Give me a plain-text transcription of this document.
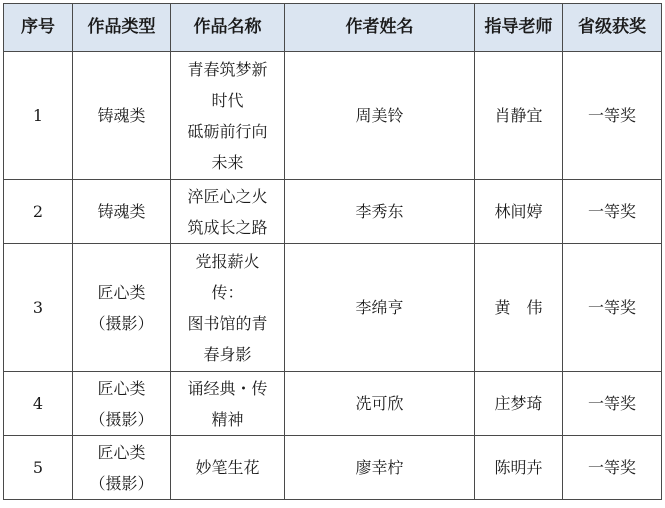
序号	作品类型	作品名称	作者姓名	指导老师	省级获奖
1	铸魂类	青春筑梦新
时代
砥砺前行向
未来	周美铃	肖静宜	一等奖
2	铸魂类	淬匠心之火
筑成长之路	李秀东	林间婷	一等奖
3	匠心类
（摄影）	党报薪火
传：
图书馆的青
春身影	李绵亨	黄　伟	一等奖
4	匠心类
（摄影）	诵经典・传
精神	冼可欣	庄梦琦	一等奖
5	匠心类
（摄影）	妙笔生花	廖幸柠	陈明卉	一等奖
